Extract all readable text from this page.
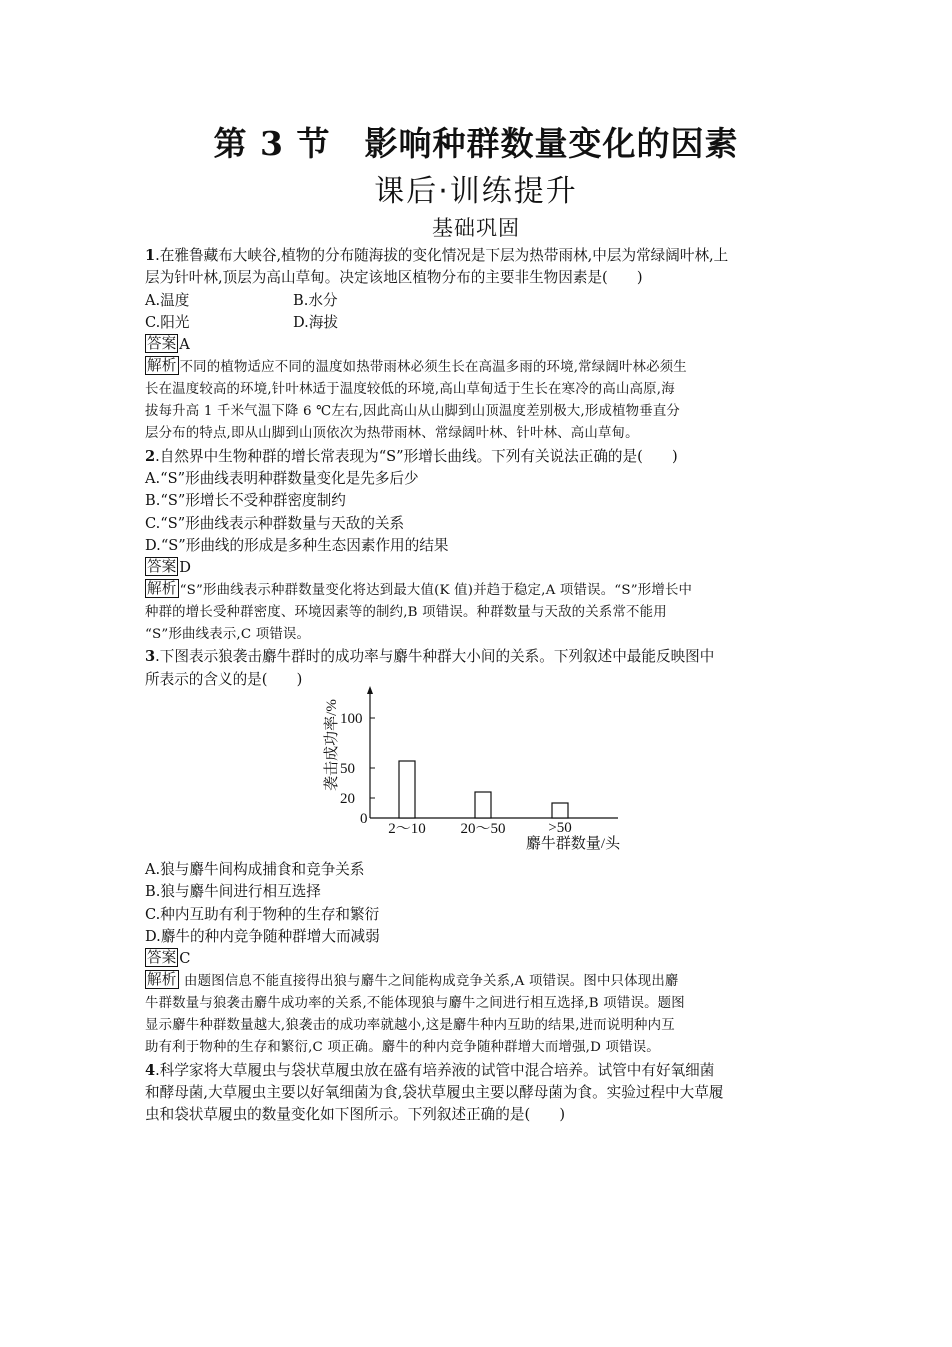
第 3 节　影响种群数量变化的因素
课后·训练提升
基础巩固
1.在雅鲁藏布大峡谷,植物的分布随海拔的变化情况是下层为热带雨林,中层为常绿阔叶林,上
层为针叶林,顶层为高山草甸。决定该地区植物分布的主要非生物因素是(　　)
A.温度	B.水分
C.阳光	D.海拔
答案 A
解析 不同的植物适应不同的温度如热带雨林必须生长在高温多雨的环境,常绿阔叶林必须生
长在温度较高的环境,针叶林适于温度较低的环境,高山草甸适于生长在寒冷的高山高原,海
拔每升高 1 千米气温下降 6 ℃左右,因此高山从山脚到山顶温度差别极大,形成植物垂直分
层分布的特点,即从山脚到山顶依次为热带雨林、常绿阔叶林、针叶林、高山草甸。
2.自然界中生物种群的增长常表现为“S”形增长曲线。下列有关说法正确的是(　　)
A.“S”形曲线表明种群数量变化是先多后少
B.“S”形增长不受种群密度制约
C.“S”形曲线表示种群数量与天敌的关系
D.“S”形曲线的形成是多种生态因素作用的结果
答案 D
解析 “S”形曲线表示种群数量变化将达到最大值(K 值)并趋于稳定,A 项错误。“S”形增长中
种群的增长受种群密度、环境因素等的制约,B 项错误。种群数量与天敌的关系常不能用
“S”形曲线表示,C 项错误。
3.下图表示狼袭击麝牛群时的成功率与麝牛种群大小间的关系。下列叙述中最能反映图中
所表示的含义的是(　　)
A.狼与麝牛间构成捕食和竞争关系
B.狼与麝牛间进行相互选择
C.种内互助有利于物种的生存和繁衍
D.麝牛的种内竞争随种群增大而减弱
答案 C
解析 由题图信息不能直接得出狼与麝牛之间能构成竞争关系,A 项错误。图中只体现出麝
牛群数量与狼袭击麝牛成功率的关系,不能体现狼与麝牛之间进行相互选择,B 项错误。题图
显示麝牛种群数量越大,狼袭击的成功率就越小,这是麝牛种内互助的结果,进而说明种内互
助有利于物种的生存和繁衍,C 项正确。麝牛的种内竞争随种群增大而增强,D 项错误。
4.科学家将大草履虫与袋状草履虫放在盛有培养液的试管中混合培养。试管中有好氧细菌
和酵母菌,大草履虫主要以好氧细菌为食,袋状草履虫主要以酵母菌为食。实验过程中大草履
虫和袋状草履虫的数量变化如下图所示。下列叙述正确的是(　　)
0
20
50
100
2～10 20～50	>50
袭击成功率/%
麝牛群数量/头
